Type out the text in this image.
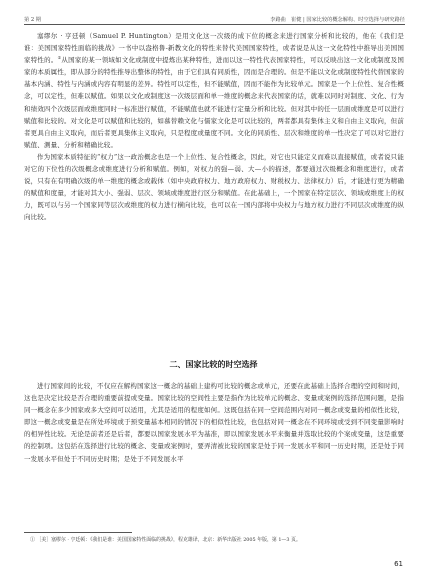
第 2 期	李路曲　崔健 | 国家比较的概念解构、时空选择与研究路径

塞缪尔 · 亨廷顿（Samuel P. Huntington）是用文化这一次级的成下位的概念来进行国家分析和比较的，他在《我们是谁：美国国家特性面临的挑战》一书中以盎格鲁-新教文化的特性来替代美国国家特性，或者说是从这一文化特性中推导出美国国家特性的。①从国家的某一领域如文化或制度中提炼出某种特性，进而以这一特性代表国家特性，可以反映出这一文化或制度及国家的本质属性，即从部分的特性推导出整体的特性，由于它们具有同质性，因而是合理的。但是不能以文化或制度特性代替国家的基本内涵、特性与内涵或内容有明显的差异。特性可以定性，但不能赋值，因而不能作为比较单元。国家是一个上位性、复合性概念，可以定性，但难以赋值。如果以文化或制度这一次级层面和单一维度的概念来代表国家的话，就难以同时对制度、文化、行为和绩效四个次级层面或维度同时一标准进行赋值，不能赋值也就不能进行定量分析和比较。但对其中的任一层面或维度是可以进行赋值和比较的。对文化是可以赋值和比较的，如慕替赖文化与儒家文化是可以比较的，两者都具有集体主义和自由主义取向，但前者更具自由主义取向，而后者更具集体主义取向，只是程度或量度不同。文化的同质性、层次和维度的单一性决定了可以对它进行赋值、测量、分析和精确比较。

作为国家本质特征的“权力”这一政治概念也是一个上位性、复合性概念，因此，对它也只能定义而难以直接赋值，或者说只能对它的下位性的次级概念或维度进行分析和赋值。例如，对权力的强—弱、大—小的描述，都要通过次级概念和维度进行，或者说，只有在有明确次级的单一维度的概念或载体（如中央政府权力、地方政府权力、财税权力、法律权力）后，才能进行更为精确的赋值和度量，才能对其大小、强弱、层次、领域或维度进行区分和赋值。在此基础上，一个国家在特定层次、领域或维度上的权力，既可以与另一个国家同等层次或维度的权力进行横向比较，也可以在一国内部将中央权力与地方权力进行不同层次或维度的纵向比较。

二、国家比较的时空选择

进行国家间的比较，不仅应在解构国家这一概念的基础上建构可比较的概念或单元，还要在此基础上选择合理的空间和时间，这也是决定比较是否合理的重要前提或变量。国家比较的空间性主要是指作为比较单元的概念、变量或案例的选择范围问题，是指同一概念在多少国家或多大空间可以适用，尤其是适用的程度如何。这既包括在同一空间范围内对同一概念或变量的相似性比较，即这一概念或变量是在所处环境或于预变量基本相同的情况下的相似性比较，也包括对同一概念在不同环境或受到不同变量影响时的相异性比较。无论是前者还是后者，都要以国家发展水平为基准，即以国家发展水平来衡量并选取比较的个案或变量，这是重要的控制项。这包括在选择进行比较的概念、变量或案例时，要弄清被比较的国家是处于同一发展水平和同一历史时期，还是处于同一发展水平但处于不同历史时期；是处于不同发展水平

① ［美］塞缪尔 · 亨廷顿：《我们是谁：美国国家特性面临的挑战》，程克雄译，北京：新华出版社 2005 年版，第 1—3 页。
61
